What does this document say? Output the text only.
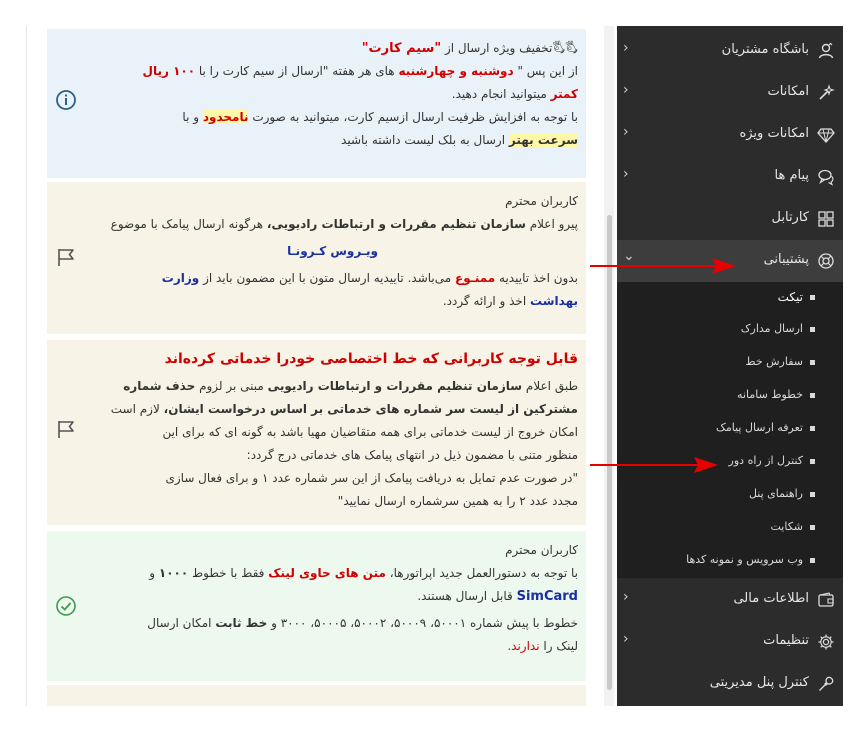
🖏🖏تخفیف ویژه ارسال از "سیم کارت"
از این پس " دوشنبه و چهارشنبه های هر هفته "ارسال از سیم کارت را با ۱۰۰ ریال
کمتر میتوانید انجام دهید.
با توجه به افزایش ظرفیت ارسال ازسیم کارت، میتوانید به صورت نامحدود و با
سرعت بهتر ارسال به بلک لیست داشته باشید
کاربران محترم
پیرو اعلام سازمان تنظیم مقررات و ارتباطات رادیویی، هرگونه ارسال پیامک با موضوع
ویـروس کـرونـا
بدون اخذ تاییدیه ممنـوع می‌باشد. تاییدیه ارسال متون با این مضمون باید از وزارت
بهداشت اخذ و ارائه گردد.
قابل توجه کاربرانی که خط اختصاصی خودرا خدماتی کرده‌اند
طبق اعلام سازمان تنظیم مقررات و ارتباطات رادیویی مبنی بر لزوم حذف شماره
مشترکین از لیست سر شماره های خدماتی بر اساس درخواست ایشان، لازم است
امکان خروج از لیست خدماتی برای همه متقاضیان مهیا باشد به گونه ای که برای این
منظور متنی با مضمون ذیل در انتهای پیامک های خدماتی درج گردد:
"در صورت عدم تمایل به دریافت پیامک از این سر شماره عدد ۱ و برای فعال سازی
مجدد عدد ۲ را به همین سرشماره ارسال نمایید"
کاربران محترم
با توجه به دستورالعمل جدید اپراتورها، متن های حاوی لینک فقط با خطوط ۱۰۰۰ و
SimCard قابل ارسال هستند.
خطوط با پیش شماره ۵۰۰۰۱، ۵۰۰۰۹، ۵۰۰۰۲، ۵۰۰۰۵، ۳۰۰۰ و خط ثابت امکان ارسال
لینک را ندارند.
باشگاه مشتریان
‹
امکانات
‹
امکانات ویژه
‹
پیام ها
‹
کارتابل
پشتیبانی
⌄
تیکت
ارسال مدارک
سفارش خط
خطوط سامانه
تعرفه ارسال پیامک
کنترل از راه دور
راهنمای پنل
شکایت
وب سرویس و نمونه کدها
اطلاعات مالی
‹
تنظیمات
‹
کنترل پنل مدیریتی
